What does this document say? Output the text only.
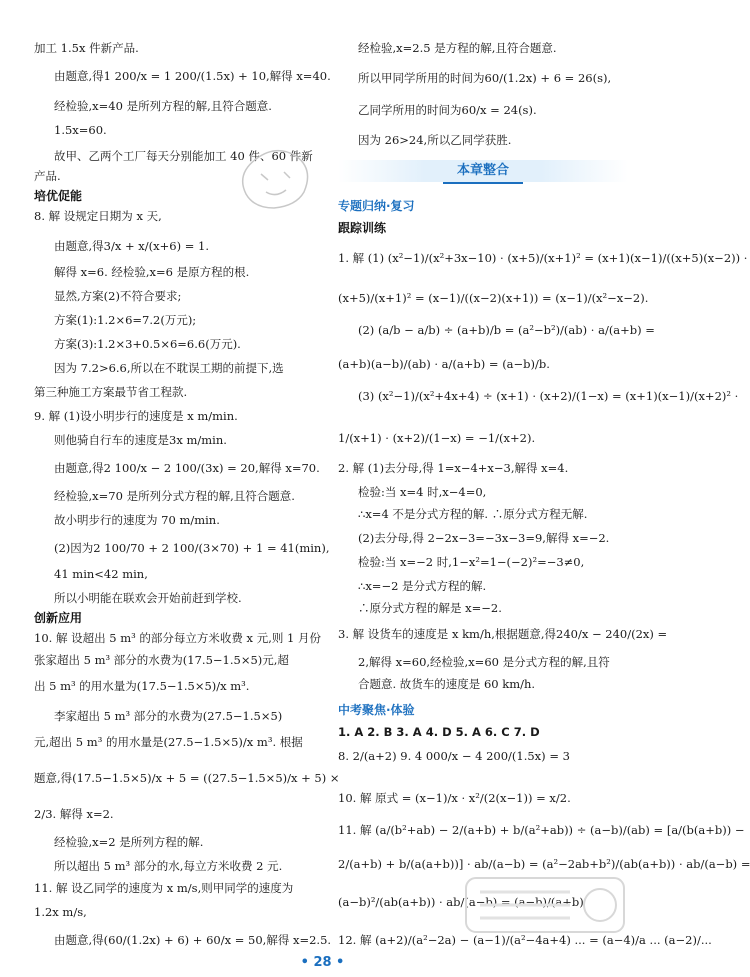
加工 1.5x 件新产品.
由题意,得1 200/x = 1 200/(1.5x) + 10,解得 x=40.
经检验,x=40 是所列方程的解,且符合题意.
1.5x=60.
故甲、乙两个工厂每天分别能加工 40 件、60 件新
产品.
培优促能
8. 解 设规定日期为 x 天,
由题意,得3/x + x/(x+6) = 1.
解得 x=6. 经检验,x=6 是原方程的根.
显然,方案(2)不符合要求;
方案(1):1.2×6=7.2(万元);
方案(3):1.2×3+0.5×6=6.6(万元).
因为 7.2>6.6,所以在不耽误工期的前提下,选
第三种施工方案最节省工程款.
9. 解 (1)设小明步行的速度是 x m/min.
则他骑自行车的速度是3x m/min.
由题意,得2 100/x − 2 100/(3x) = 20,解得 x=70.
经检验,x=70 是所列分式方程的解,且符合题意.
故小明步行的速度为 70 m/min.
(2)因为2 100/70 + 2 100/(3×70) + 1 = 41(min),
41 min<42 min,
所以小明能在联欢会开始前赶到学校.
创新应用
10. 解 设超出 5 m³ 的部分每立方米收费 x 元,则 1 月份
张家超出 5 m³ 部分的水费为(17.5−1.5×5)元,超
出 5 m³ 的用水量为(17.5−1.5×5)/x m³.
李家超出 5 m³ 部分的水费为(27.5−1.5×5)
元,超出 5 m³ 的用水量是(27.5−1.5×5)/x m³. 根据
题意,得(17.5−1.5×5)/x + 5 = ((27.5−1.5×5)/x + 5) ×
2/3. 解得 x=2.
经检验,x=2 是所列方程的解.
所以超出 5 m³ 部分的水,每立方米收费 2 元.
11. 解 设乙同学的速度为 x m/s,则甲同学的速度为
1.2x m/s,
由题意,得(60/(1.2x) + 6) + 60/x = 50,解得 x=2.5.
经检验,x=2.5 是方程的解,且符合题意.
所以甲同学所用的时间为60/(1.2x) + 6 = 26(s),
乙同学所用的时间为60/x = 24(s).
因为 26>24,所以乙同学获胜.
本章整合
专题归纳·复习
跟踪训练
1. 解 (1) (x²−1)/(x²+3x−10) · (x+5)/(x+1)² = (x+1)(x−1)/((x+5)(x−2)) ·
(x+5)/(x+1)² = (x−1)/((x−2)(x+1)) = (x−1)/(x²−x−2).
(2) (a/b − a/b) ÷ (a+b)/b = (a²−b²)/(ab) · a/(a+b) =
(a+b)(a−b)/(ab) · a/(a+b) = (a−b)/b.
(3) (x²−1)/(x²+4x+4) ÷ (x+1) · (x+2)/(1−x) = (x+1)(x−1)/(x+2)² ·
1/(x+1) · (x+2)/(1−x) = −1/(x+2).
2. 解 (1)去分母,得 1=x−4+x−3,解得 x=4.
检验:当 x=4 时,x−4=0,
∴x=4 不是分式方程的解. ∴原分式方程无解.
(2)去分母,得 2−2x−3=−3x−3=9,解得 x=−2.
检验:当 x=−2 时,1−x²=1−(−2)²=−3≠0,
∴x=−2 是分式方程的解.
∴原分式方程的解是 x=−2.
3. 解 设货车的速度是 x km/h,根据题意,得240/x − 240/(2x) =
2,解得 x=60,经检验,x=60 是分式方程的解,且符
合题意. 故货车的速度是 60 km/h.
中考聚焦·体验
1. A 2. B 3. A 4. D 5. A 6. C 7. D
8. 2/(a+2) 9. 4 000/x − 4 200/(1.5x) = 3
10. 解 原式 = (x−1)/x · x²/(2(x−1)) = x/2.
11. 解 (a/(b²+ab) − 2/(a+b) + b/(a²+ab)) ÷ (a−b)/(ab) = [a/(b(a+b)) −
2/(a+b) + b/(a(a+b))] · ab/(a−b) = (a²−2ab+b²)/(ab(a+b)) · ab/(a−b) =
(a−b)²/(ab(a+b)) · ab/(a−b) = (a−b)/(a+b)
12. 解 (a+2)/(a²−2a) − (a−1)/(a²−4a+4) ... = (a−4)/a ... (a−2)/...
• 28 •
